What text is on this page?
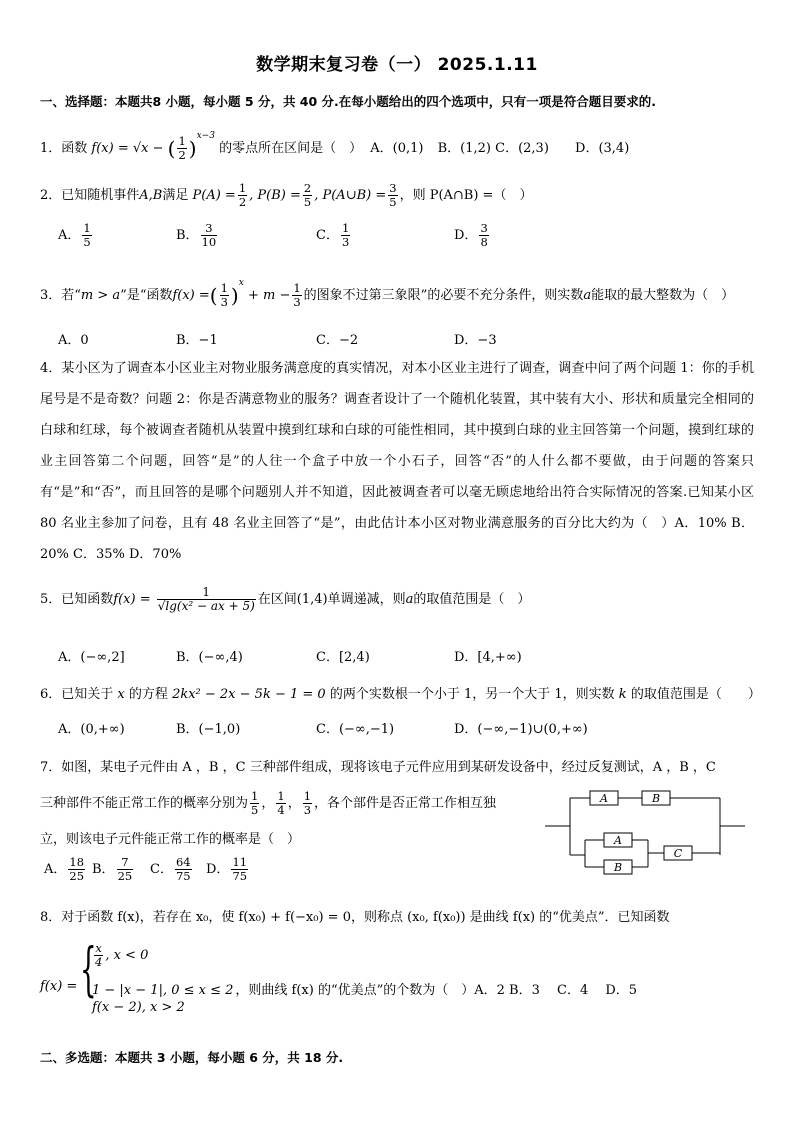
数学期末复习卷（一） 2025.1.11
一、选择题：本题共8 小题，每小题 5 分，共 40 分.在每小题给出的四个选项中，只有一项是符合题目要求的.
1．函数 f(x) = √x − ( $\frac{1}{2} )^{x-3}$ 的零点所在区间是（　） A．(0,1) B．(1,2) C．(2,3) D．(3,4)
2．已知随机事件A,B满足 $P(A) = \frac{1}{2}$ , $P(B) = \frac{2}{5}$ , P(A∪B) = $\frac{3}{5}$ ，则 P(A∩B) =（　）
A． $\frac{1}{5}$	B． $\frac{3}{10}$	C． $\frac{1}{3}$	D． $\frac{3}{8}$
3．若“m > a”是“函数f(x) =( $\frac{1}{3} )^x + m - \frac{1}{3}$ 的图象不过第三象限”的必要不充分条件，则实数a能取的最大整数为（　）
A．0	B．−1	C．−2	D．−3
4．某小区为了调查本小区业主对物业服务满意度的真实情况，对本小区业主进行了调查，调查中问了两个问题 1：你的手机尾号是不是奇数？问题 2：你是否满意物业的服务？调查者设计了一个随机化装置，其中装有大小、形状和质量完全相同的白球和红球，每个被调查者随机从装置中摸到红球和白球的可能性相同，其中摸到白球的业主回答第一个问题，摸到红球的业主回答第二个问题，回答“是”的人往一个盒子中放一个小石子，回答“否”的人什么都不要做，由于问题的答案只有“是”和“否”，而且回答的是哪个问题别人并不知道，因此被调查者可以毫无顾虑地给出符合实际情况的答案.已知某小区 80 名业主参加了问卷，且有 48 名业主回答了“是”，由此估计本小区对物业满意服务的百分比大约为（　）A．10% B．20% C．35% D．70%
5．已知函数$f(x) = \frac{1}{\text{√lg(x² − ax + 5)}}$ 在区间(1,4)单调递减，则a的取值范围是（　）
A．(−∞,2]	B．(−∞,4)	C．[2,4)	D．[4,+∞)
6．已知关于 x 的方程 2kx² − 2x − 5k − 1 = 0 的两个实数根一个小于 1，另一个大于 1，则实数 k 的取值范围是（　　）
A．(0,+∞)	B．(−1,0)	C．(−∞,−1)	D．(−∞,−1)∪(0,+∞)
7．如图，某电子元件由 A ，B ，C 三种部件组成，现将该电子元件应用到某研发设备中，经过反复测试，A ，B ，C
三种部件不能正常工作的概率分别为 $\frac{1}{5}$ ， $\frac{1}{4}$ ， $\frac{1}{3}$ ，各个部件是否正常工作相互独
立，则该电子元件能正常工作的概率是（　）
A． $\frac{18}{25}$ B． $\frac{7}{25}$ C． $\frac{64}{75}$ D． $\frac{11}{75}$
A	B
A
B
C
8．对于函数 f(x)，若存在 x₀，使 f(x₀) + f(−x₀) = 0，则称点 (x₀, f(x₀)) 是曲线 f(x) 的“优美点”．已知函数
f(x) = {
$\frac{x}{4}$ , x < 0
1 − |x − 1|, 0 ≤ x ≤ 2 ，则曲线 f(x) 的“优美点”的个数为（　）A．2 B．3　 C．4　 D．5
f(x − 2), x > 2
二、多选题：本题共 3 小题，每小题 6 分，共 18 分.
